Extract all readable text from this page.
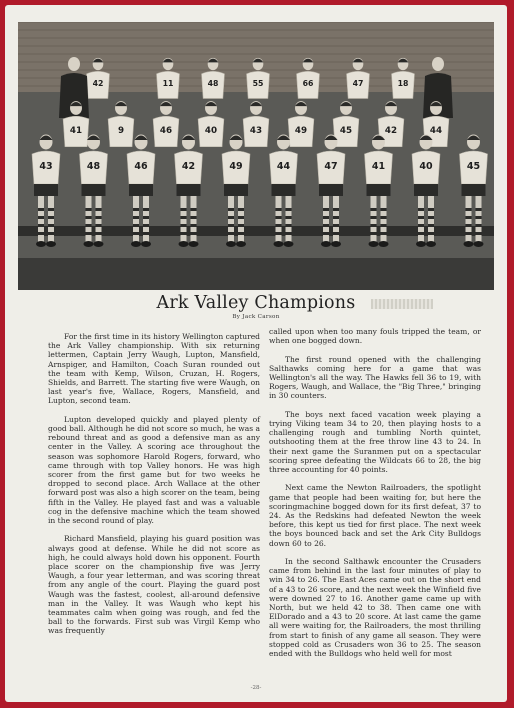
42	11	48	55	66	47	18
41	9	46	40	43	49	45	42	44
43	48	46	42	49	44	47	41	40	45
Ark Valley Champions
By Jack Carson

For the first time in its history Wellington captured the Ark Valley championship. With six returning lettermen, Captain Jerry Waugh, Lupton, Mansfield, Arnspiger, and Hamilton, Coach Suran rounded out the team with Kemp, Wilson, Cruzan, H. Rogers, Shields, and Barrett. The starting five were Waugh, on last year's five, Wallace, Rogers, Mansfield, and Lupton, second team.

Lupton developed quickly and played plenty of good ball. Although he did not score so much, he was a rebound threat and as good a defensive man as any center in the Valley. A scoring ace throughout the season was sophomore Harold Rogers, forward, who came through with top Valley honors. He was high scorer from the first game but for two weeks he dropped to second place. Arch Wallace at the other forward post was also a high scorer on the team, being fifth in the Valley. He played fast and was a valuable cog in the defensive machine which the team showed in the second round of play.

Richard Mansfield, playing his guard position was always good at defense. While he did not score as high, he could always hold down his opponent. Fourth place scorer on the championship five was Jerry Waugh, a four year letterman, and was scoring threat from any angle of the court. Playing the guard post Waugh was the fastest, coolest, all-around defensive man in the Valley. It was Waugh who kept his teammates calm when going was rough, and fed the ball to the forwards. First sub was Virgil Kemp who was frequently

called upon when too many fouls tripped the team, or when one bogged down.

The first round opened with the challenging Salthawks coming here for a game that was Wellington's all the way. The Hawks fell 36 to 19, with Rogers, Waugh, and Wallace, the "Big Three," bringing in 30 counters.

The boys next faced vacation week playing a trying Viking team 34 to 20, then playing hosts to a challenging rough and tumbling North quintet, outshooting them at the free throw line 43 to 24. In their next game the Suranmen put on a spectacular scoring spree defeating the Wildcats 66 to 28, the big three accounting for 40 points.

Next came the Newton Railroaders, the spotlight game that people had been waiting for, but here the scoringmachine bogged down for its first defeat, 37 to 24. As the Redskins had defeated Newton the week before, this kept us tied for first place. The next week the boys bounced back and set the Ark City Bulldogs down 60 to 26.

In the second Salthawk encounter the Crusaders came from behind in the last four minutes of play to win 34 to 26. The East Aces came out on the short end of a 43 to 26 score, and the next week the Winfield five were downed 27 to 16. Another game came up with North, but we held 42 to 38. Then came one with ElDorado and a 43 to 20 score. At last came the game all were waiting for, the Railroaders, the most thrilling from start to finish of any game all season. They were stopped cold as Crusaders won 36 to 25. The season ended with the Bulldogs who held well for most

-28-
